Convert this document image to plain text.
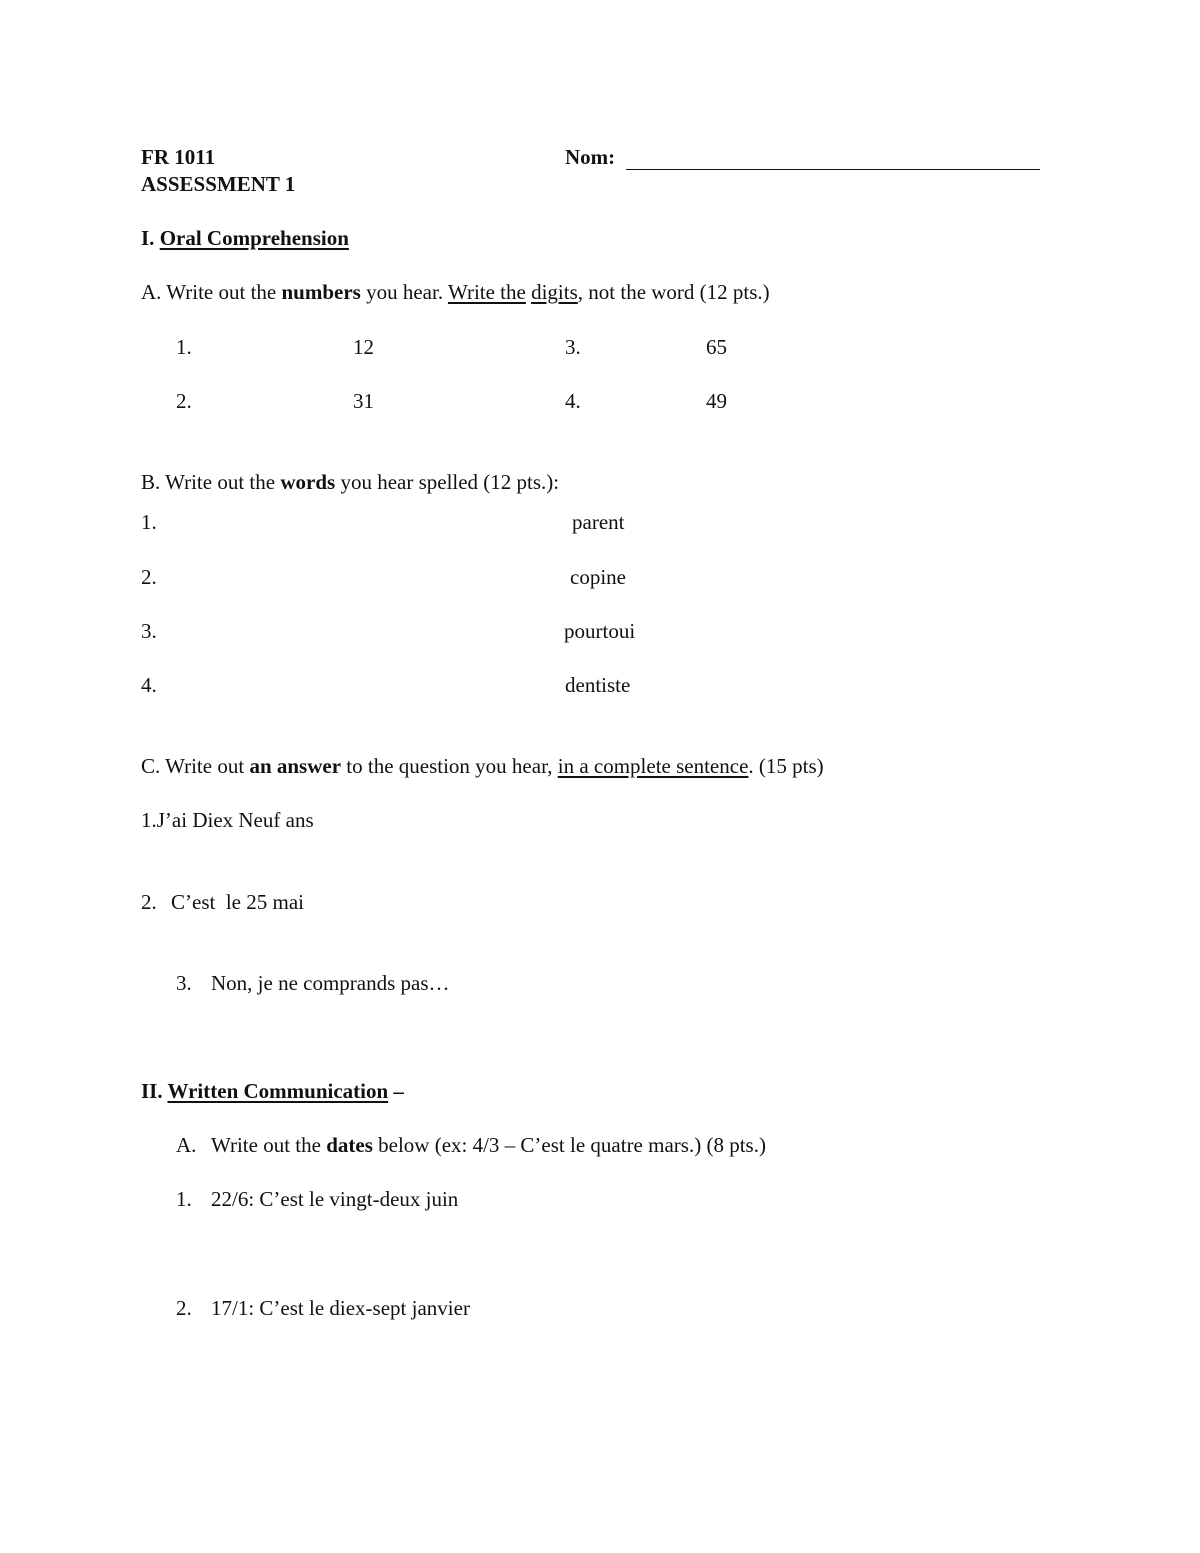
FR 1011
ASSESSMENT 1
Nom:
I. Oral Comprehension
A. Write out the numbers you hear. Write the digits, not the word (12 pts.)
1.	12
2.	31
3.	65
4.	49
B. Write out the words you hear spelled (12 pts.):
1.	parent
2.	copine
3.	pourtoui
4.	dentiste
C. Write out an answer to the question you hear, in a complete sentence. (15 pts)
1.J’ai Diex Neuf ans
2. C’est  le 25 mai
3. Non, je ne comprands pas…
II. Written Communication –
A. Write out the dates below (ex: 4/3 – C’est le quatre mars.) (8 pts.)
1. 22/6: C’est le vingt-deux juin
2. 17/1: C’est le diex-sept janvier
